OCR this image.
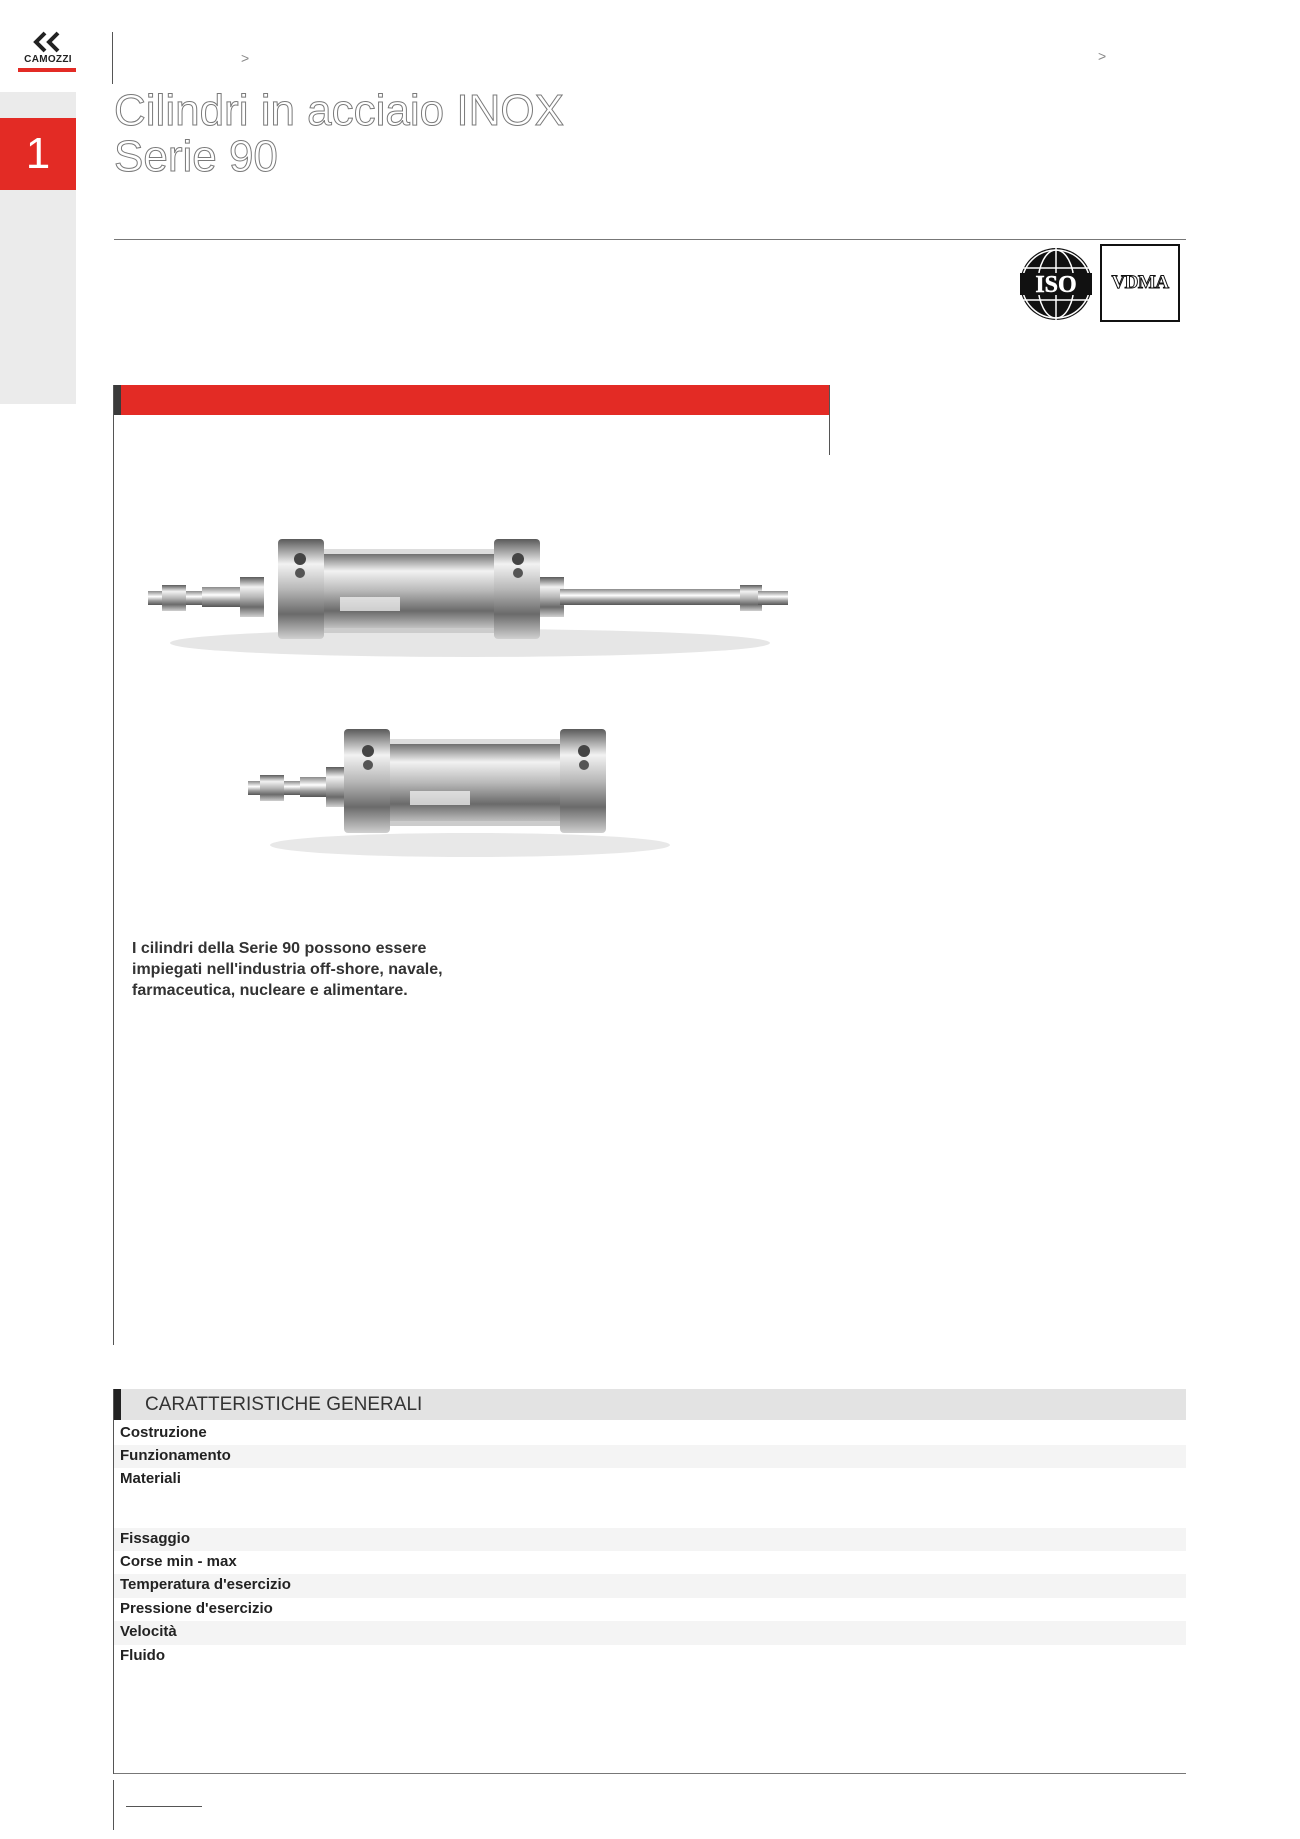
CAMOZZI
1
>	>
Cilindri in acciaio INOX
Serie 90
ISO VDMA
I cilindri della Serie 90 possono essere impiegati nell'industria off-shore, navale, farmaceutica, nucleare e alimentare.
CARATTERISTICHE GENERALI
Costruzione
Funzionamento
Materiali
Fissaggio
Corse min - max
Temperatura d'esercizio
Pressione d'esercizio
Velocità
Fluido
